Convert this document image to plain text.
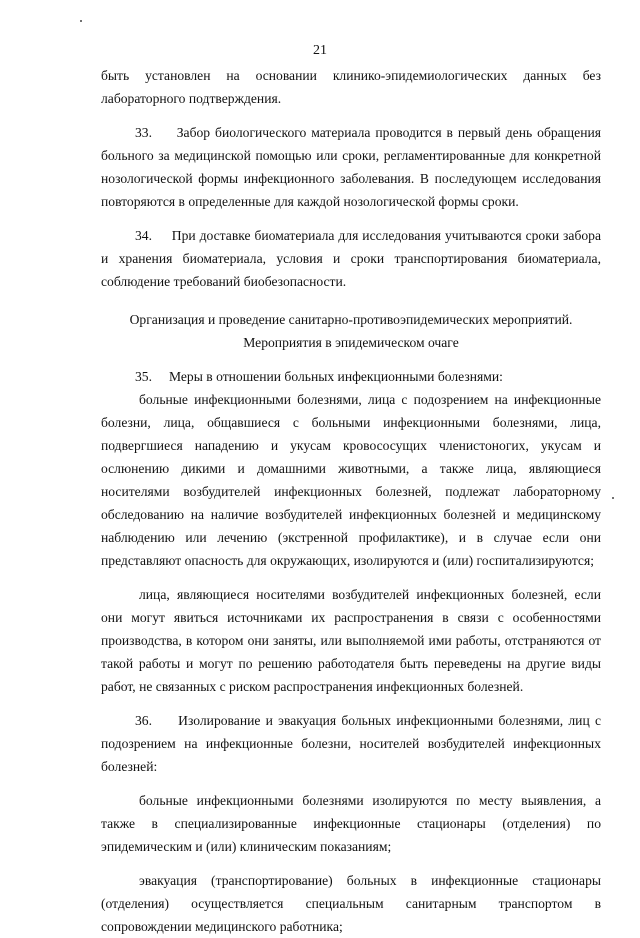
21

быть установлен на основании клинико-эпидемиологических данных без лабораторного подтверждения.

33.     Забор биологического материала проводится в первый день обращения больного за медицинской помощью или сроки, регламентированные для конкретной нозологической формы инфекционного заболевания. В последующем исследования повторяются в определенные для каждой нозологической формы сроки.

34.     При доставке биоматериала для исследования учитываются сроки забора и хранения биоматериала, условия и сроки транспортирования биоматериала, соблюдение требований биобезопасности.

Организация и проведение санитарно-противоэпидемических мероприятий.

Мероприятия в эпидемическом очаге

35.     Меры в отношении больных инфекционными болезнями:

больные инфекционными болезнями, лица с подозрением на инфекционные болезни, лица, общавшиеся с больными инфекционными болезнями, лица, подвергшиеся нападению и укусам кровососущих членистоногих, укусам и ослюнению дикими и домашними животными, а также лица, являющиеся носителями возбудителей инфекционных болезней, подлежат лабораторному обследованию на наличие возбудителей инфекционных болезней и медицинскому наблюдению или лечению (экстренной профилактике), и в случае если они представляют опасность для окружающих, изолируются и (или) госпитализируются;

лица, являющиеся носителями возбудителей инфекционных болезней, если они могут явиться источниками их распространения в связи с особенностями производства, в котором они заняты, или выполняемой ими работы, отстраняются от такой работы и могут по решению работодателя быть переведены на другие виды работ, не связанных с риском распространения инфекционных болезней.

36.     Изолирование и эвакуация больных инфекционными болезнями, лиц с подозрением на инфекционные болезни, носителей возбудителей инфекционных болезней:

больные инфекционными болезнями изолируются по месту выявления, а также в специализированные инфекционные стационары (отделения) по эпидемическим и (или) клиническим показаниям;

эвакуация (транспортирование) больных в инфекционные стационары (отделения) осуществляется специальным санитарным транспортом в сопровождении медицинского работника;
